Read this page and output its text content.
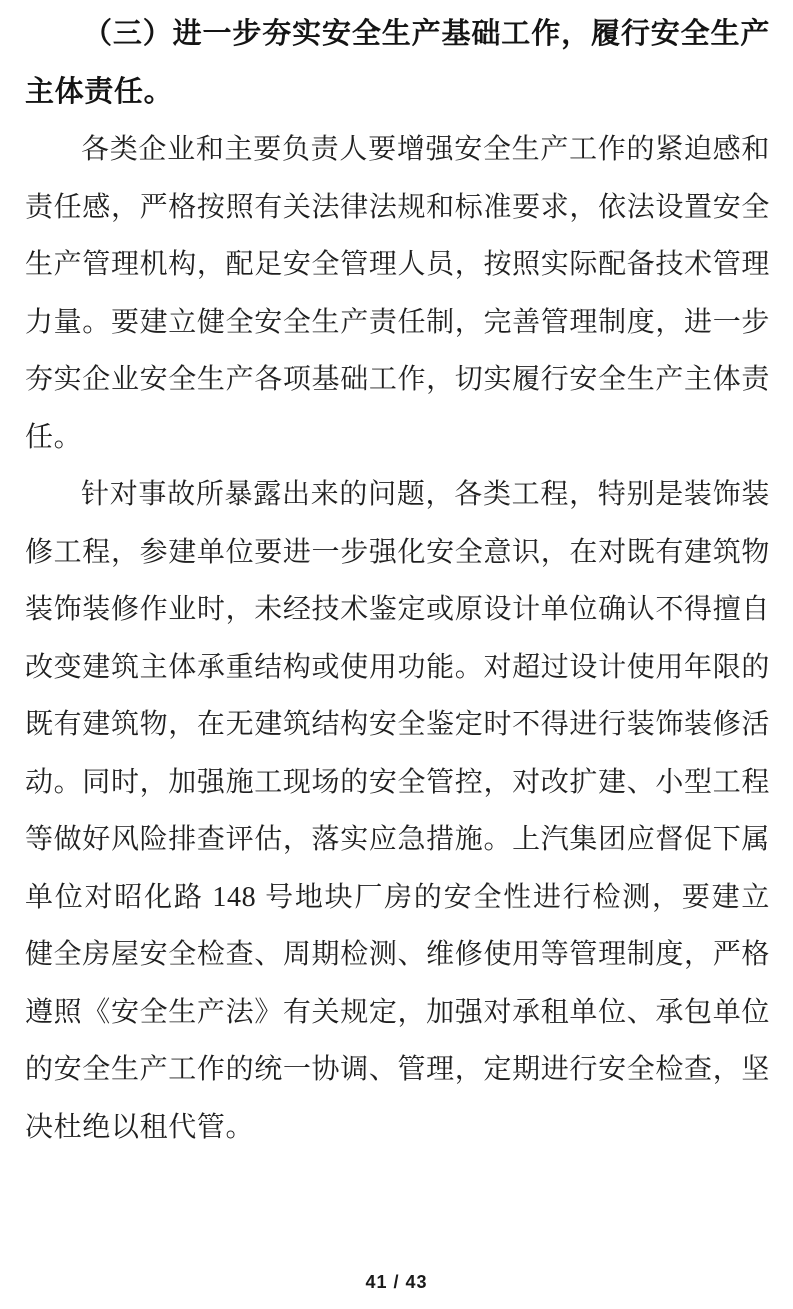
（三）进一步夯实安全生产基础工作，履行安全生产主体责任。

各类企业和主要负责人要增强安全生产工作的紧迫感和责任感，严格按照有关法律法规和标准要求，依法设置安全生产管理机构，配足安全管理人员，按照实际配备技术管理力量。要建立健全安全生产责任制，完善管理制度，进一步夯实企业安全生产各项基础工作，切实履行安全生产主体责任。

针对事故所暴露出来的问题，各类工程，特别是装饰装修工程，参建单位要进一步强化安全意识，在对既有建筑物装饰装修作业时，未经技术鉴定或原设计单位确认不得擅自改变建筑主体承重结构或使用功能。对超过设计使用年限的既有建筑物，在无建筑结构安全鉴定时不得进行装饰装修活动。同时，加强施工现场的安全管控，对改扩建、小型工程等做好风险排查评估，落实应急措施。上汽集团应督促下属单位对昭化路 148 号地块厂房的安全性进行检测，要建立健全房屋安全检查、周期检测、维修使用等管理制度，严格遵照《安全生产法》有关规定，加强对承租单位、承包单位的安全生产工作的统一协调、管理，定期进行安全检查，坚决杜绝以租代管。

41 / 43
